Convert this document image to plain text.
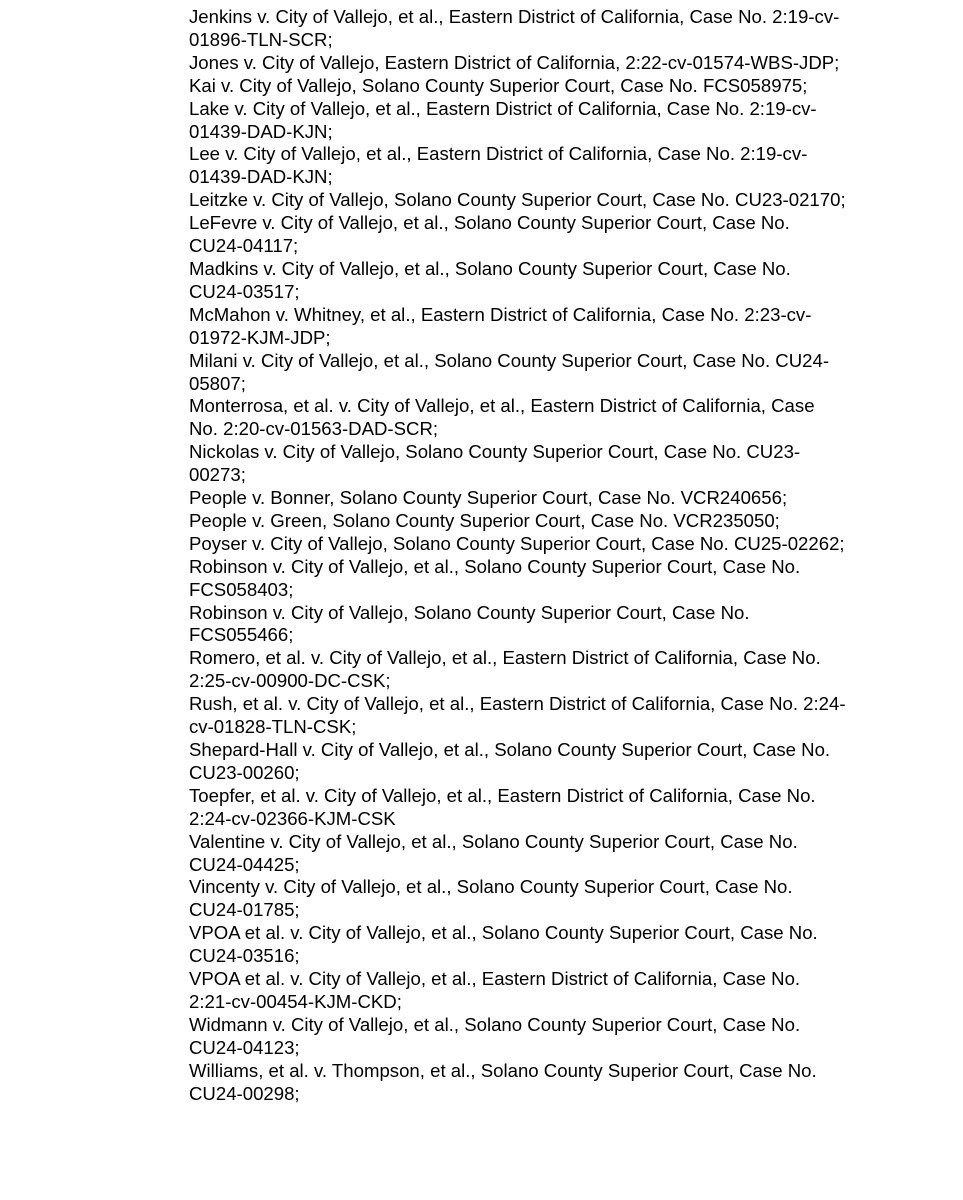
Jenkins v. City of Vallejo, et al., Eastern District of California, Case No. 2:19-cv-
01896-TLN-SCR;
Jones v. City of Vallejo, Eastern District of California, 2:22-cv-01574-WBS-JDP;
Kai v. City of Vallejo, Solano County Superior Court, Case No. FCS058975;
Lake v. City of Vallejo, et al., Eastern District of California, Case No. 2:19-cv-
01439-DAD-KJN;
Lee v. City of Vallejo, et al., Eastern District of California, Case No. 2:19-cv-
01439-DAD-KJN;
Leitzke v. City of Vallejo, Solano County Superior Court, Case No. CU23-02170;
LeFevre v. City of Vallejo, et al., Solano County Superior Court, Case No.
CU24-04117;
Madkins v. City of Vallejo, et al., Solano County Superior Court, Case No.
CU24-03517;
McMahon v. Whitney, et al., Eastern District of California, Case No. 2:23-cv-
01972-KJM-JDP;
Milani v. City of Vallejo, et al., Solano County Superior Court, Case No. CU24-
05807;
Monterrosa, et al. v. City of Vallejo, et al., Eastern District of California, Case
No. 2:20-cv-01563-DAD-SCR;
Nickolas v. City of Vallejo, Solano County Superior Court, Case No. CU23-
00273;
People v. Bonner, Solano County Superior Court, Case No. VCR240656;
People v. Green, Solano County Superior Court, Case No. VCR235050;
Poyser v. City of Vallejo, Solano County Superior Court, Case No. CU25-02262;
Robinson v. City of Vallejo, et al., Solano County Superior Court, Case No.
FCS058403;
Robinson v. City of Vallejo, Solano County Superior Court, Case No.
FCS055466;
Romero, et al. v. City of Vallejo, et al., Eastern District of California, Case No.
2:25-cv-00900-DC-CSK;
Rush, et al. v. City of Vallejo, et al., Eastern District of California, Case No. 2:24-
cv-01828-TLN-CSK;
Shepard-Hall v. City of Vallejo, et al., Solano County Superior Court, Case No.
CU23-00260;
Toepfer, et al. v. City of Vallejo, et al., Eastern District of California, Case No.
2:24-cv-02366-KJM-CSK
Valentine v. City of Vallejo, et al., Solano County Superior Court, Case No.
CU24-04425;
Vincenty v. City of Vallejo, et al., Solano County Superior Court, Case No.
CU24-01785;
VPOA et al. v. City of Vallejo, et al., Solano County Superior Court, Case No.
CU24-03516;
VPOA et al. v. City of Vallejo, et al., Eastern District of California, Case No.
2:21-cv-00454-KJM-CKD;
Widmann v. City of Vallejo, et al., Solano County Superior Court, Case No.
CU24-04123;
Williams, et al. v. Thompson, et al., Solano County Superior Court, Case No.
CU24-00298;
